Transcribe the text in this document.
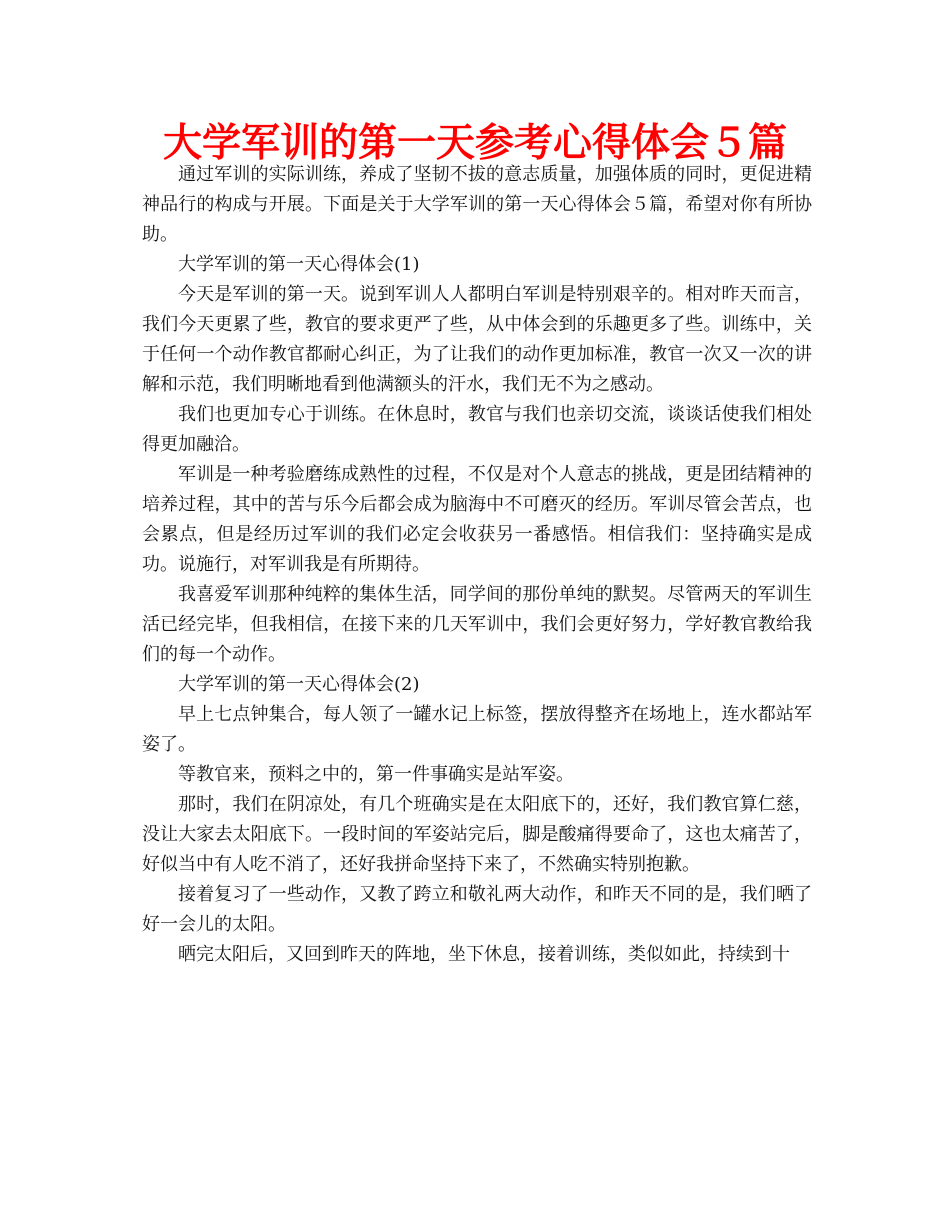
大学军训的第一天参考心得体会５篇

通过军训的实际训练，养成了坚韧不拔的意志质量，加强体质的同时，更促进精神品行的构成与开展。下面是关于大学军训的第一天心得体会５篇，希望对你有所协助。

大学军训的第一天心得体会(1)

今天是军训的第一天。说到军训人人都明白军训是特别艰辛的。相对昨天而言，我们今天更累了些，教官的要求更严了些，从中体会到的乐趣更多了些。训练中，关于任何一个动作教官都耐心纠正，为了让我们的动作更加标准，教官一次又一次的讲解和示范，我们明晰地看到他满额头的汗水，我们无不为之感动。

我们也更加专心于训练。在休息时，教官与我们也亲切交流，谈谈话使我们相处得更加融洽。

军训是一种考验磨练成熟性的过程，不仅是对个人意志的挑战，更是团结精神的培养过程，其中的苦与乐今后都会成为脑海中不可磨灭的经历。军训尽管会苦点，也会累点，但是经历过军训的我们必定会收获另一番感悟。相信我们：坚持确实是成功。说施行，对军训我是有所期待。

我喜爱军训那种纯粹的集体生活，同学间的那份单纯的默契。尽管两天的军训生活已经完毕，但我相信，在接下来的几天军训中，我们会更好努力，学好教官教给我们的每一个动作。

大学军训的第一天心得体会(2)

早上七点钟集合，每人领了一罐水记上标签，摆放得整齐在场地上，连水都站军姿了。

等教官来，预料之中的，第一件事确实是站军姿。

那时，我们在阴凉处，有几个班确实是在太阳底下的，还好，我们教官算仁慈，没让大家去太阳底下。一段时间的军姿站完后，脚是酸痛得要命了，这也太痛苦了，好似当中有人吃不消了，还好我拼命坚持下来了，不然确实特别抱歉。

接着复习了一些动作，又教了跨立和敬礼两大动作，和昨天不同的是，我们晒了好一会儿的太阳。

晒完太阳后，又回到昨天的阵地，坐下休息，接着训练，类似如此，持续到十
